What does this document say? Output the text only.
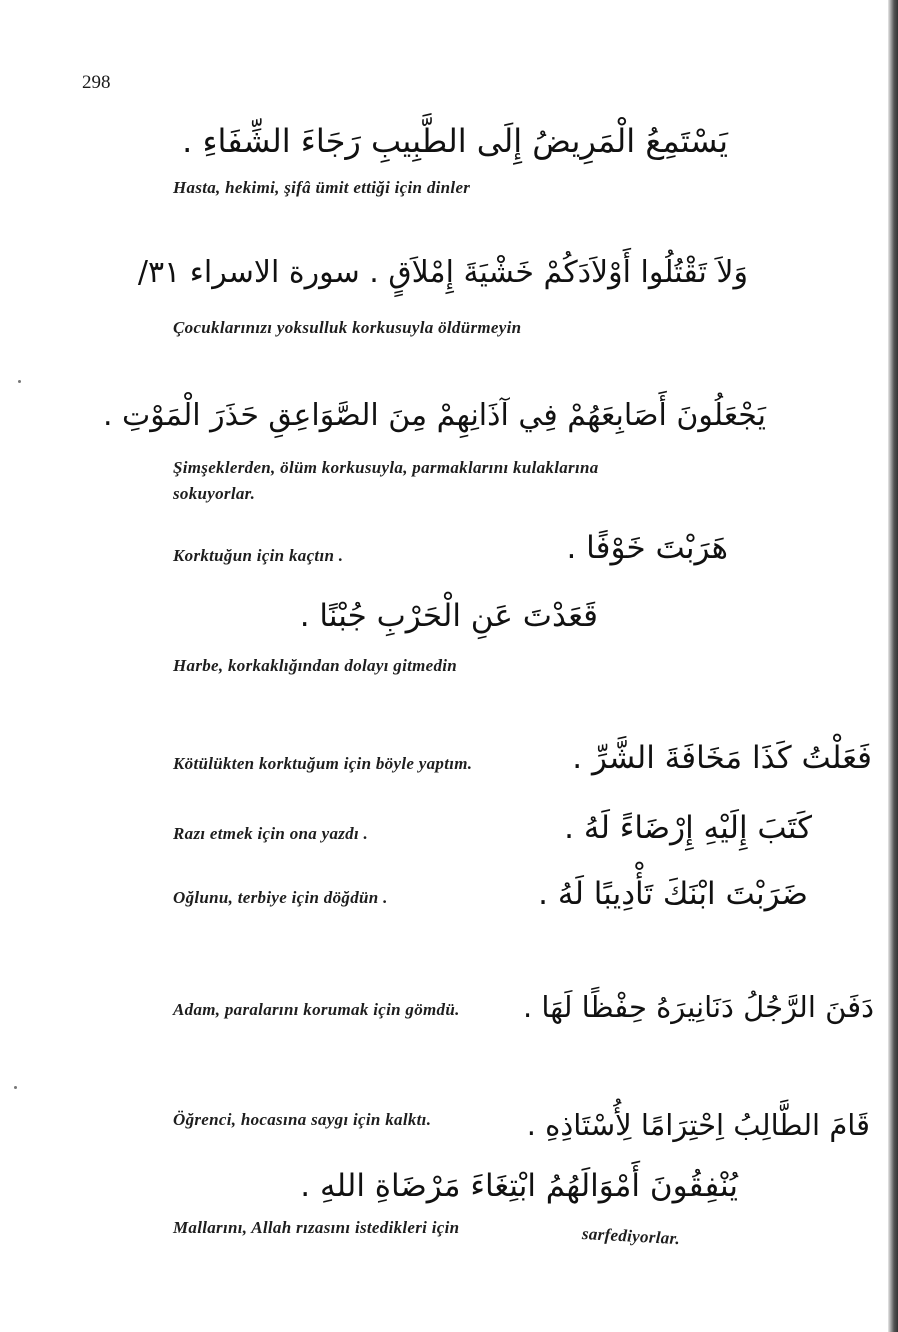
298
يَسْتَمِعُ الْمَرِيضُ إِلَى الطَّبِيبِ رَجَاءَ الشِّفَاءِ .
Hasta, hekimi, şifâ ümit ettiği için dinler
وَلاَ تَقْتُلُوا أَوْلاَدَكُمْ خَشْيَةَ إِمْلاَقٍ . سورة الاسراء ٣١/
Çocuklarınızı yoksulluk korkusuyla öldürmeyin
يَجْعَلُونَ أَصَابِعَهُمْ فِي آذَانِهِمْ مِنَ الصَّوَاعِقِ حَذَرَ الْمَوْتِ .
Şimşeklerden, ölüm korkusuyla, parmaklarını kulaklarına
sokuyorlar.
Korktuğun için kaçtın .	هَرَبْتَ خَوْفًا .
قَعَدْتَ عَنِ الْحَرْبِ جُبْنًا .
Harbe, korkaklığından dolayı gitmedin
Kötülükten korktuğum için böyle yaptım.	فَعَلْتُ كَذَا مَخَافَةَ الشَّرِّ .
Razı etmek için ona yazdı .	كَتَبَ إِلَيْهِ إِرْضَاءً لَهُ .
Oğlunu, terbiye için döğdün .	ضَرَبْتَ ابْنَكَ تَأْدِيبًا لَهُ .
Adam, paralarını korumak için gömdü. دَفَنَ الرَّجُلُ دَنَانِيرَهُ حِفْظًا لَهَا .
Öğrenci, hocasına saygı için kalktı.	قَامَ الطَّالِبُ اِحْتِرَامًا لِأُسْتَاذِهِ .
يُنْفِقُونَ أَمْوَالَهُمُ ابْتِغَاءَ مَرْضَاةِ اللهِ .
Mallarını, Allah rızasını istedikleri için	sarfediyorlar.
